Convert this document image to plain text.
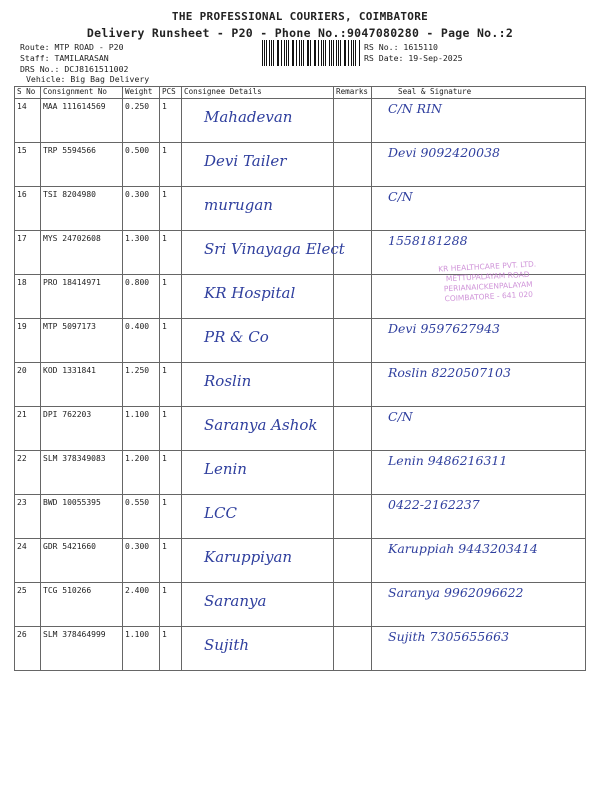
THE PROFESSIONAL COURIERS, COIMBATORE
Delivery Runsheet - P20 - Phone No.:9047080280 - Page No.:2
Route: MTP ROAD - P20
Staff: TAMILARASAN
DRS No.: DCJ8161511002
Vehicle: Big Bag Delivery
RS No.: 1615110
RS Date: 19-Sep-2025
S No	Consignment No	Weight	PCS	Consignee Details	Remarks	Seal & Signature
14	MAA 111614569	0.250	1	Mahadevan		C/N RIN

15	TRP 5594566	0.500	1	Devi Tailer		Devi 9092420038

16	TSI 8204980	0.300	1	murugan		C/N

17	MYS 24702608	1.300	1	Sri Vinayaga Elect		1558181288

18	PRO 18414971	0.800	1	KR Hospital		

19	MTP 5097173	0.400	1	PR & Co		Devi 9597627943

20	KOD 1331841	1.250	1	Roslin		Roslin 8220507103

21	DPI 762203	1.100	1	Saranya Ashok		C/N

22	SLM 378349083	1.200	1	Lenin		Lenin 9486216311

23	BWD 10055395	0.550	1	LCC		0422-2162237

24	GDR 5421660	0.300	1	Karuppiyan		Karuppiah 9443203414

25	TCG 510266	2.400	1	Saranya		Saranya 9962096622

26	SLM 378464999	1.100	1	Sujith		Sujith 7305655663
KR HEALTHCARE PVT. LTD.
METTUPALAYAM ROAD
PERIANAICKENPALAYAM
COIMBATORE - 641 020
